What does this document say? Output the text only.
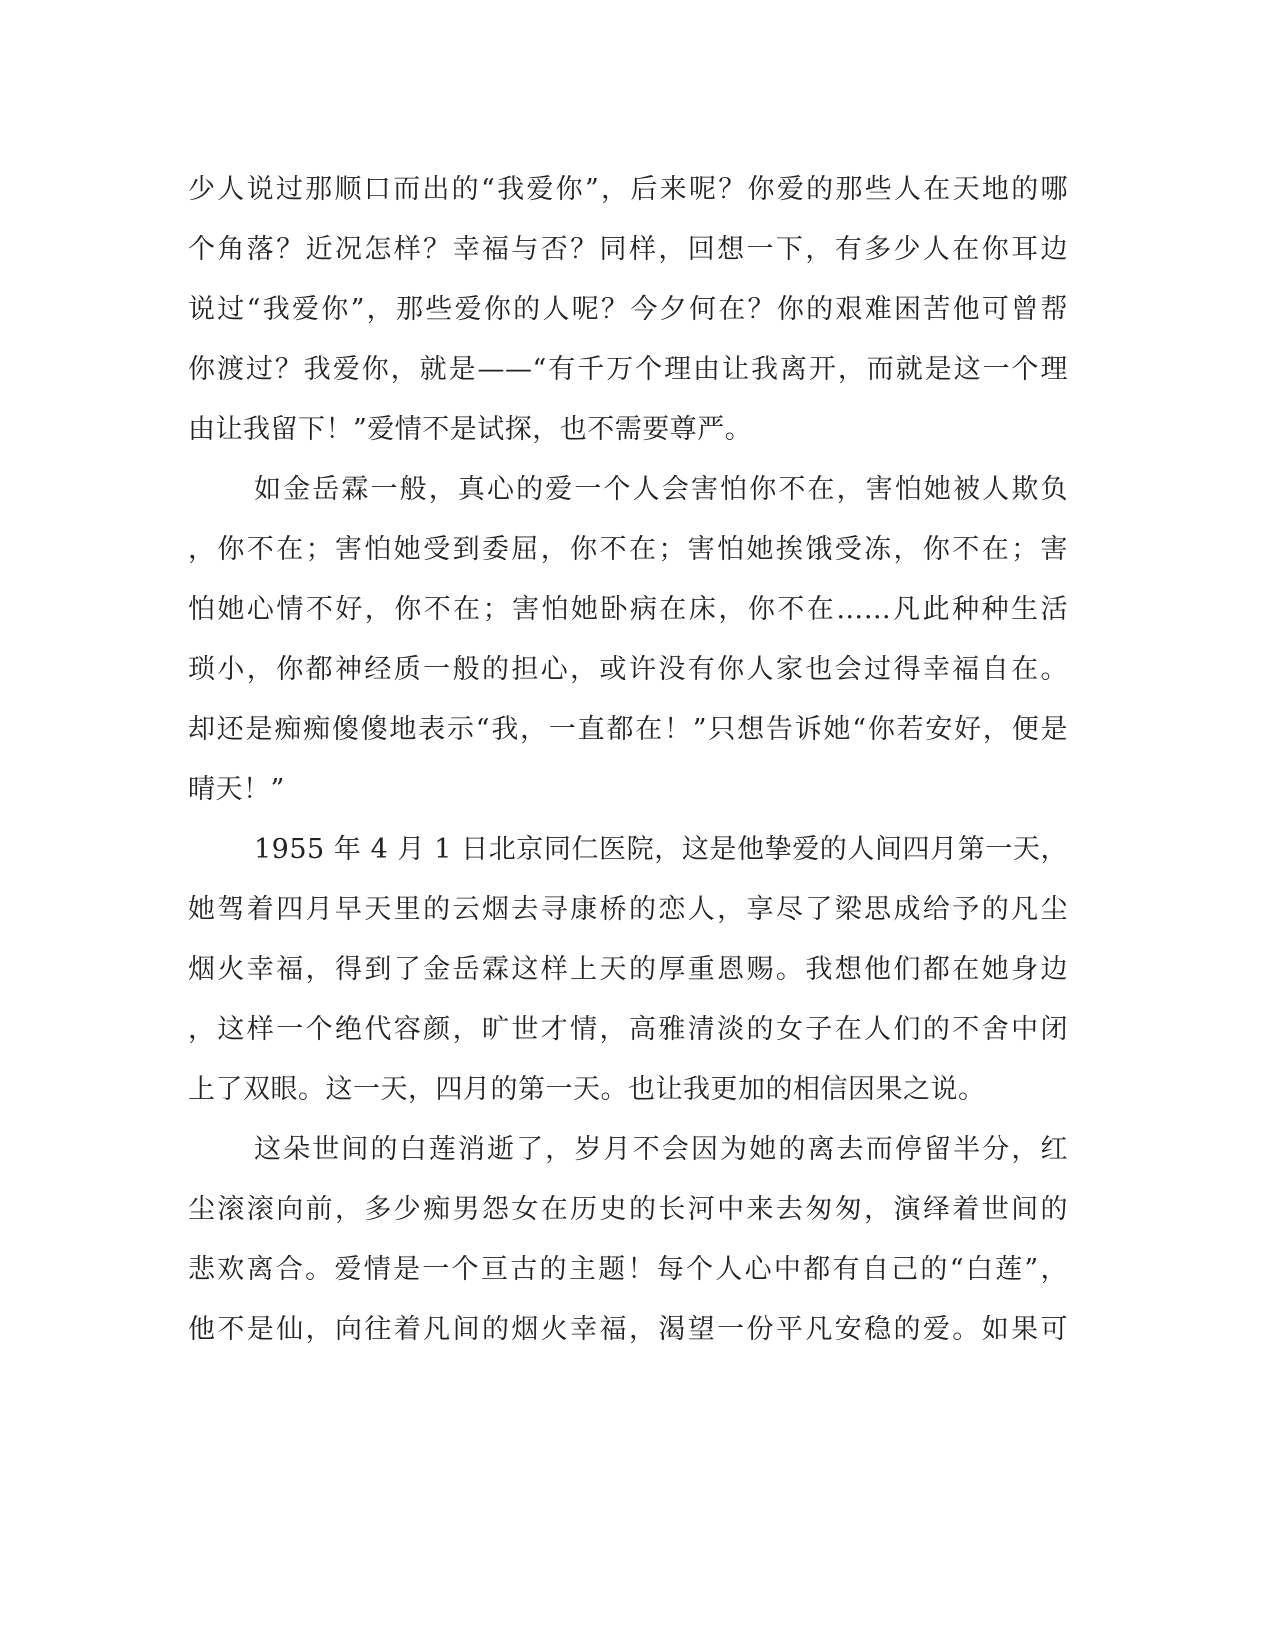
少人说过那顺口而出的“我爱你”，后来呢？你爱的那些人在天地的哪
个角落？近况怎样？幸福与否？同样，回想一下，有多少人在你耳边
说过“我爱你”，那些爱你的人呢？今夕何在？你的艰难困苦他可曾帮
你渡过？我爱你，就是——“有千万个理由让我离开，而就是这一个理
由让我留下！”爱情不是试探，也不需要尊严。
如金岳霖一般，真心的爱一个人会害怕你不在，害怕她被人欺负
，你不在；害怕她受到委屈，你不在；害怕她挨饿受冻，你不在；害
怕她心情不好，你不在；害怕她卧病在床，你不在……凡此种种生活
琐小，你都神经质一般的担心，或许没有你人家也会过得幸福自在。
却还是痴痴傻傻地表示“我，一直都在！”只想告诉她“你若安好，便是
晴天！”
1955 年 4 月 1 日北京同仁医院，这是他挚爱的人间四月第一天，
她驾着四月早天里的云烟去寻康桥的恋人，享尽了梁思成给予的凡尘
烟火幸福，得到了金岳霖这样上天的厚重恩赐。我想他们都在她身边
，这样一个绝代容颜，旷世才情，高雅清淡的女子在人们的不舍中闭
上了双眼。这一天，四月的第一天。也让我更加的相信因果之说。
这朵世间的白莲消逝了，岁月不会因为她的离去而停留半分，红
尘滚滚向前，多少痴男怨女在历史的长河中来去匆匆，演绎着世间的
悲欢离合。爱情是一个亘古的主题！每个人心中都有自己的“白莲”，
他不是仙，向往着凡间的烟火幸福，渴望一份平凡安稳的爱。如果可
